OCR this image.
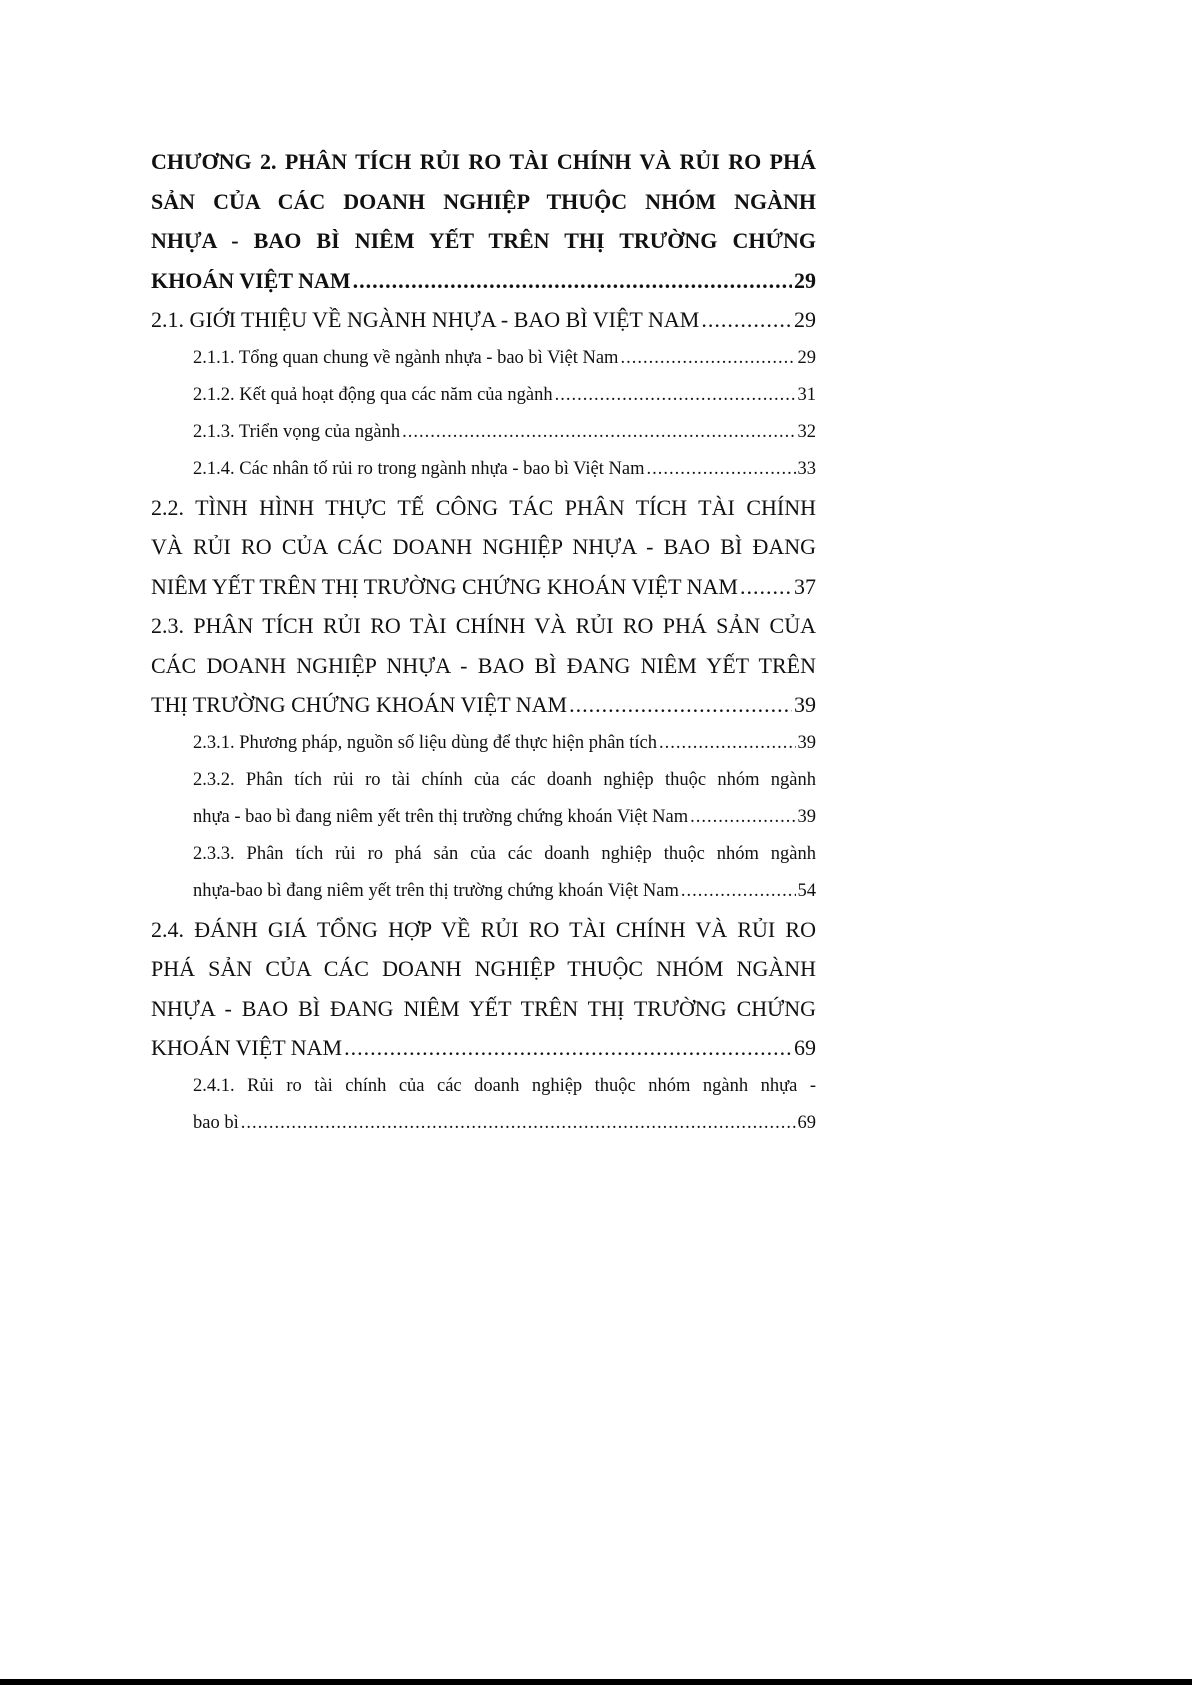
CHƯƠNG 2. PHÂN TÍCH RỦI RO TÀI CHÍNH VÀ RỦI RO PHÁ
SẢN CỦA CÁC DOANH NGHIỆP THUỘC NHÓM NGÀNH
NHỰA - BAO BÌ NIÊM YẾT TRÊN THỊ TRƯỜNG CHỨNG
KHOÁN VIỆT NAM .....	29
2.1. GIỚI THIỆU VỀ NGÀNH NHỰA - BAO BÌ VIỆT NAM .....	29
2.1.1. Tổng quan chung về ngành nhựa - bao bì Việt Nam .....	29
2.1.2. Kết quả hoạt động qua các năm của ngành .....	31
2.1.3. Triển vọng của ngành .....	32
2.1.4. Các nhân tố rủi ro trong ngành nhựa - bao bì Việt Nam .....	33
2.2. TÌNH HÌNH THỰC TẾ CÔNG TÁC PHÂN TÍCH TÀI CHÍNH
VÀ RỦI RO CỦA CÁC DOANH NGHIỆP NHỰA - BAO BÌ ĐANG
NIÊM YẾT TRÊN THỊ TRƯỜNG CHỨNG KHOÁN VIỆT NAM .....	37
2.3. PHÂN TÍCH RỦI RO TÀI CHÍNH VÀ RỦI RO PHÁ SẢN CỦA
CÁC DOANH NGHIỆP NHỰA - BAO BÌ ĐANG NIÊM YẾT TRÊN
THỊ TRƯỜNG CHỨNG KHOÁN VIỆT NAM .....	39
2.3.1. Phương pháp, nguồn số liệu dùng để thực hiện phân tích .....	39
2.3.2. Phân tích rủi ro tài chính của các doanh nghiệp thuộc nhóm ngành
nhựa - bao bì đang niêm yết trên thị trường chứng khoán Việt Nam .....	39
2.3.3. Phân tích rủi ro phá sản của các doanh nghiệp thuộc nhóm ngành
nhựa-bao bì đang niêm yết trên thị trường chứng khoán Việt Nam .....	54
2.4. ĐÁNH GIÁ TỔNG HỢP VỀ RỦI RO TÀI CHÍNH VÀ RỦI RO
PHÁ SẢN CỦA CÁC DOANH NGHIỆP THUỘC NHÓM NGÀNH
NHỰA - BAO BÌ ĐANG NIÊM YẾT TRÊN THỊ TRƯỜNG CHỨNG
KHOÁN VIỆT NAM .....	69
2.4.1. Rủi ro tài chính của các doanh nghiệp thuộc nhóm ngành nhựa -
bao bì .....	69
